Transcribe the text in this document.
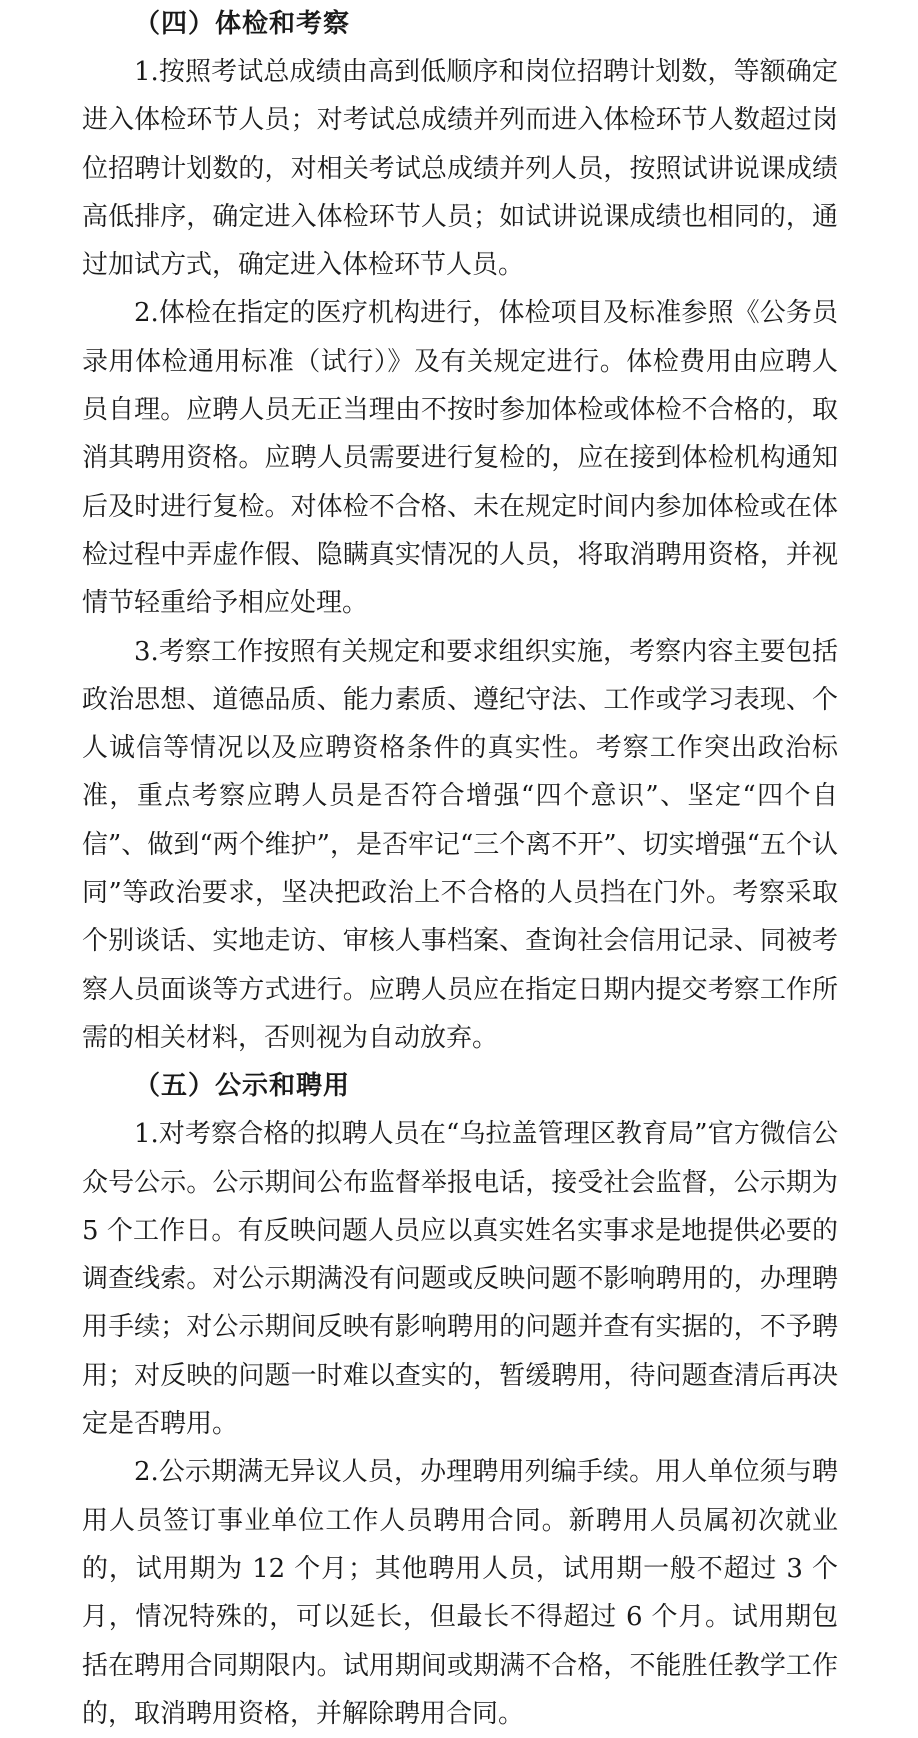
（四）体检和考察

1.按照考试总成绩由高到低顺序和岗位招聘计划数，等额确定进入体检环节人员；对考试总成绩并列而进入体检环节人数超过岗位招聘计划数的，对相关考试总成绩并列人员，按照试讲说课成绩高低排序，确定进入体检环节人员；如试讲说课成绩也相同的，通过加试方式，确定进入体检环节人员。

2.体检在指定的医疗机构进行，体检项目及标准参照《公务员录用体检通用标准（试行）》及有关规定进行。体检费用由应聘人员自理。应聘人员无正当理由不按时参加体检或体检不合格的，取消其聘用资格。应聘人员需要进行复检的，应在接到体检机构通知后及时进行复检。对体检不合格、未在规定时间内参加体检或在体检过程中弄虚作假、隐瞒真实情况的人员，将取消聘用资格，并视情节轻重给予相应处理。

3.考察工作按照有关规定和要求组织实施，考察内容主要包括政治思想、道德品质、能力素质、遵纪守法、工作或学习表现、个人诚信等情况以及应聘资格条件的真实性。考察工作突出政治标准，重点考察应聘人员是否符合增强“四个意识”、坚定“四个自信”、做到“两个维护”，是否牢记“三个离不开”、切实增强“五个认同”等政治要求，坚决把政治上不合格的人员挡在门外。考察采取个别谈话、实地走访、审核人事档案、查询社会信用记录、同被考察人员面谈等方式进行。应聘人员应在指定日期内提交考察工作所需的相关材料，否则视为自动放弃。

（五）公示和聘用

1.对考察合格的拟聘人员在“乌拉盖管理区教育局”官方微信公众号公示。公示期间公布监督举报电话，接受社会监督，公示期为 5 个工作日。有反映问题人员应以真实姓名实事求是地提供必要的调查线索。对公示期满没有问题或反映问题不影响聘用的，办理聘用手续；对公示期间反映有影响聘用的问题并查有实据的，不予聘用；对反映的问题一时难以查实的，暂缓聘用，待问题查清后再决定是否聘用。

2.公示期满无异议人员，办理聘用列编手续。用人单位须与聘用人员签订事业单位工作人员聘用合同。新聘用人员属初次就业的，试用期为 12 个月；其他聘用人员，试用期一般不超过 3 个月，情况特殊的，可以延长，但最长不得超过 6 个月。试用期包括在聘用合同期限内。试用期间或期满不合格，不能胜任教学工作的，取消聘用资格，并解除聘用合同。
